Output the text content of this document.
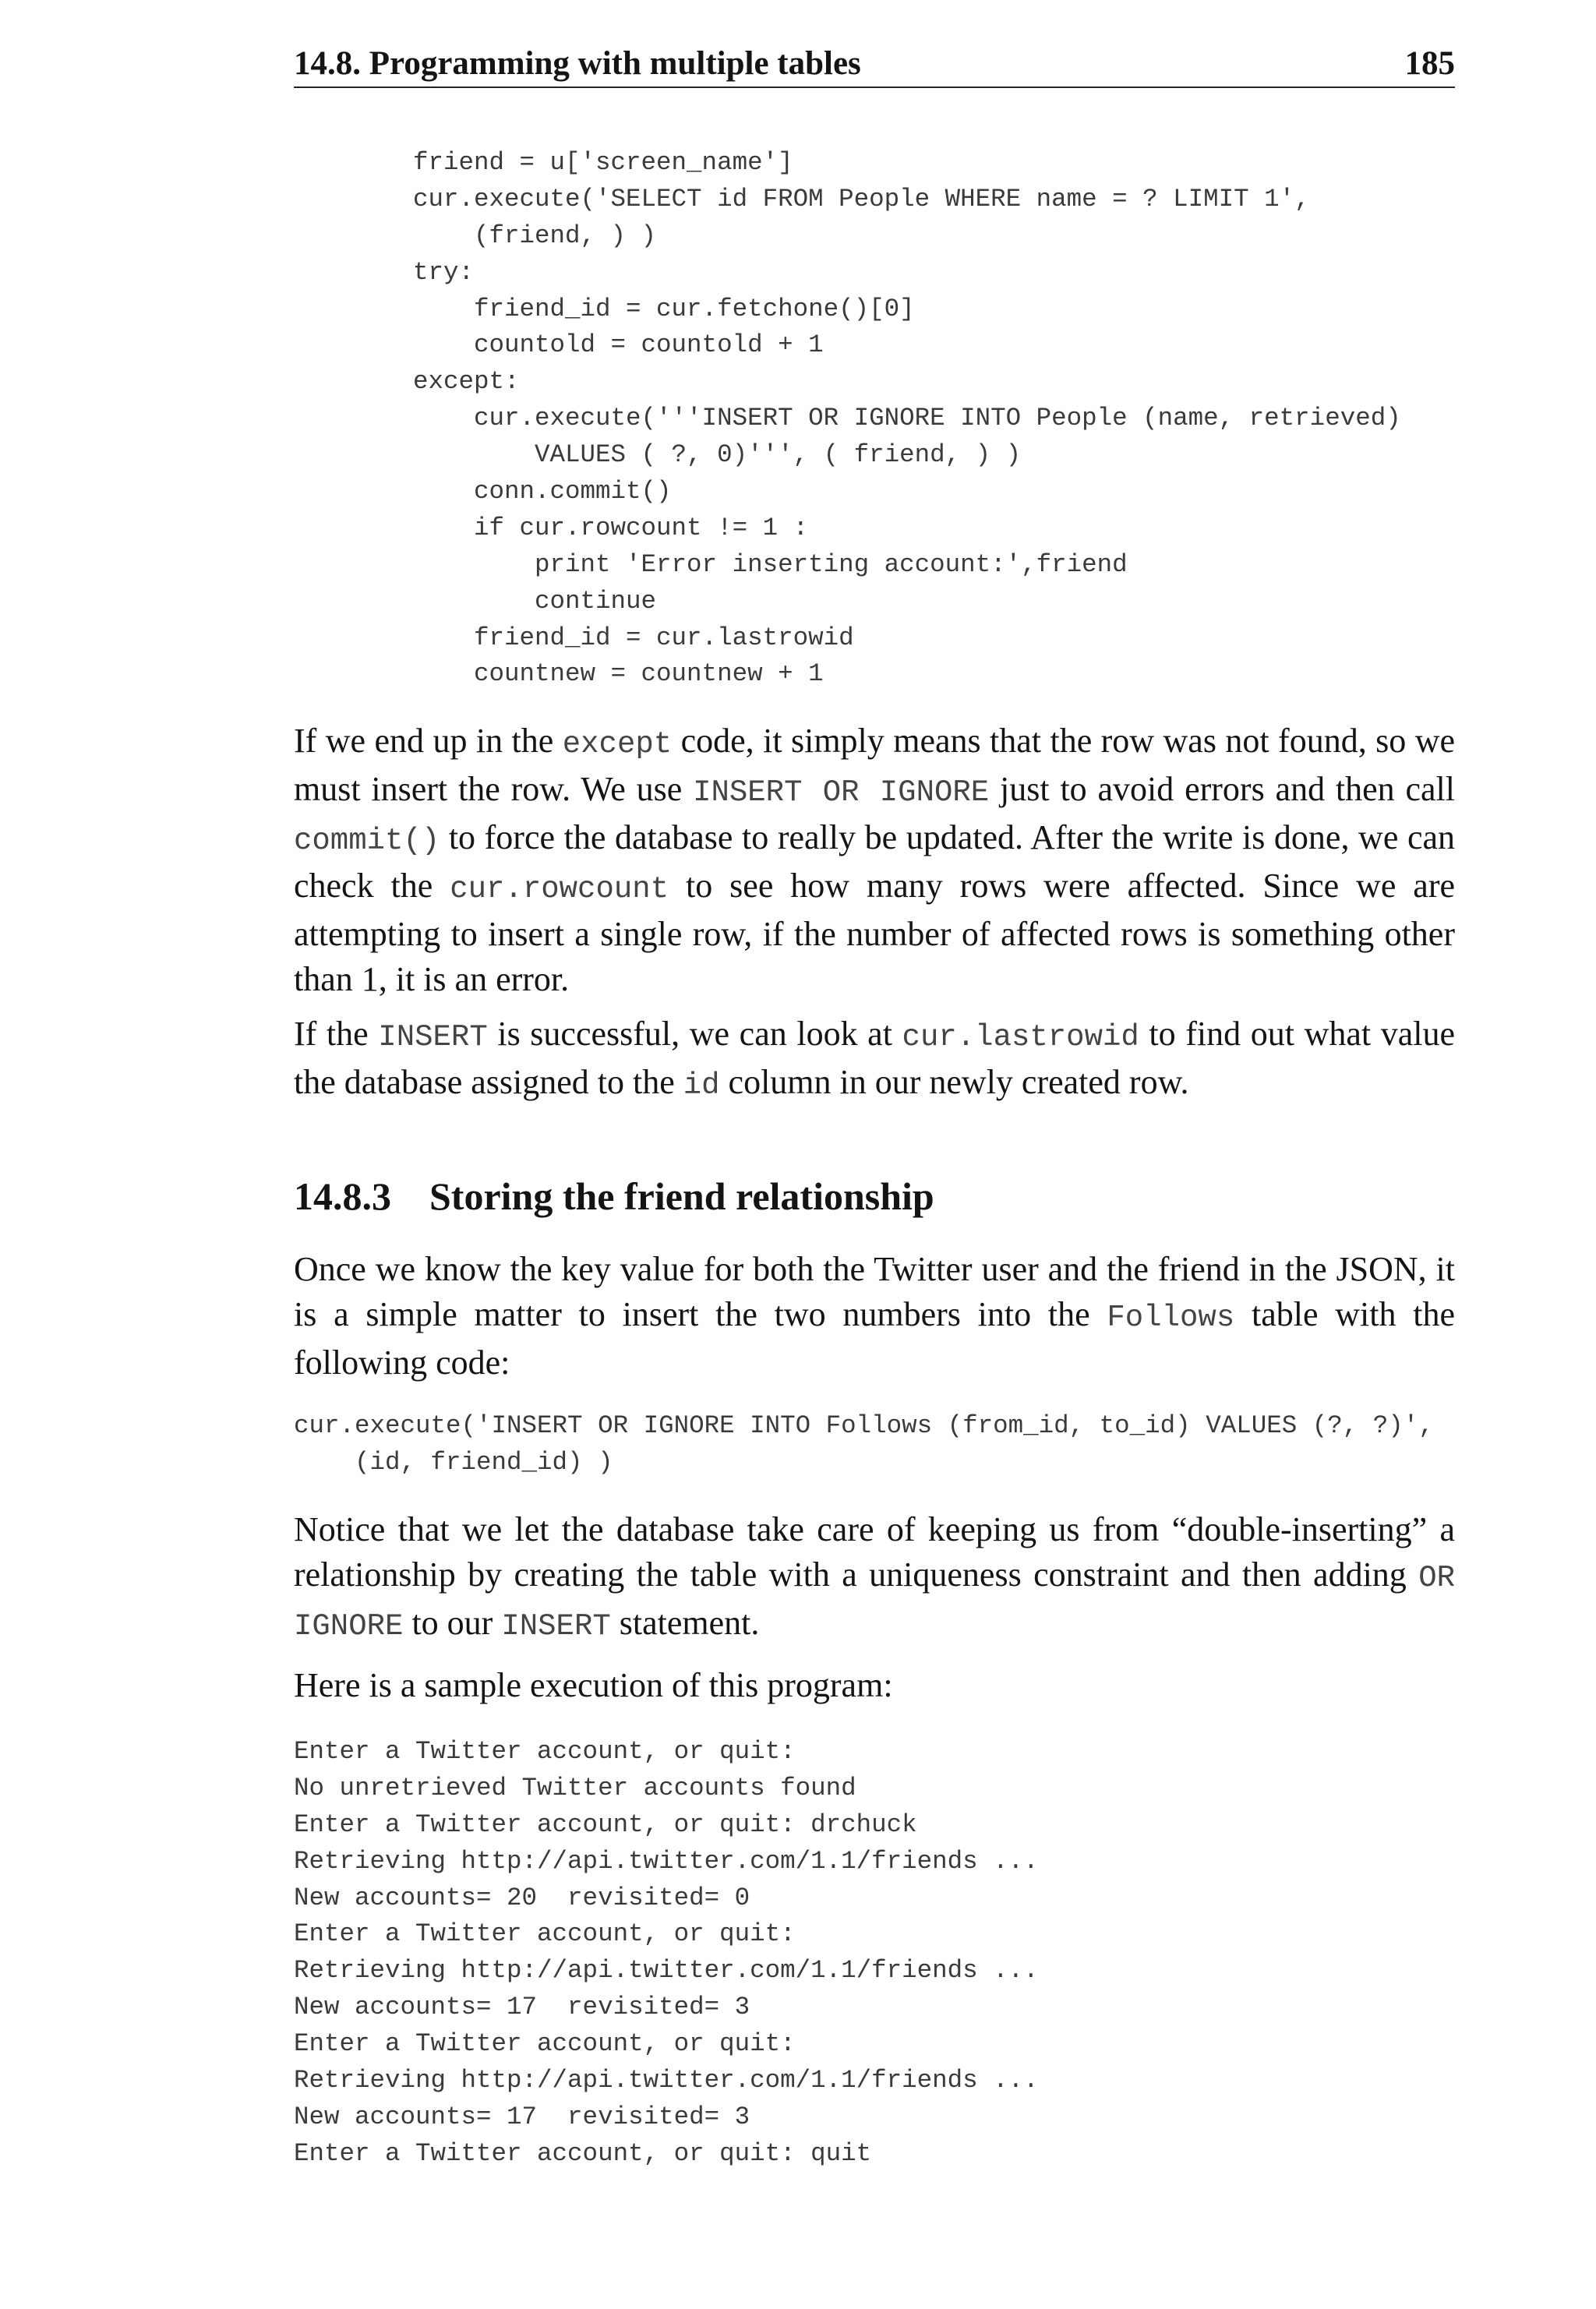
14.8. Programming with multiple tables	185
friend = u['screen_name']
cur.execute('SELECT id FROM People WHERE name = ? LIMIT 1',
(friend, ) )
try:
friend_id = cur.fetchone()[0]
countold = countold + 1
except:
cur.execute('''INSERT OR IGNORE INTO People (name, retrieved)
VALUES ( ?, 0)''', ( friend, ) )
conn.commit()
if cur.rowcount != 1 :
print 'Error inserting account:',friend
continue
friend_id = cur.lastrowid
countnew = countnew + 1

If we end up in the except code, it simply means that the row was not found, so we must insert the row. We use INSERT OR IGNORE just to avoid errors and then call commit() to force the database to really be updated. After the write is done, we can check the cur.rowcount to see how many rows were affected. Since we are attempting to insert a single row, if the number of affected rows is something other than 1, it is an error.

If the INSERT is successful, we can look at cur.lastrowid to find out what value the database assigned to the id column in our newly created row.

14.8.3 Storing the friend relationship

Once we know the key value for both the Twitter user and the friend in the JSON, it is a simple matter to insert the two numbers into the Follows table with the following code:

cur.execute('INSERT OR IGNORE INTO Follows (from_id, to_id) VALUES (?, ?)',
(id, friend_id) )

Notice that we let the database take care of keeping us from “double-inserting” a relationship by creating the table with a uniqueness constraint and then adding OR IGNORE to our INSERT statement.

Here is a sample execution of this program:

Enter a Twitter account, or quit:
No unretrieved Twitter accounts found
Enter a Twitter account, or quit: drchuck
Retrieving http://api.twitter.com/1.1/friends ...
New accounts= 20  revisited= 0
Enter a Twitter account, or quit:
Retrieving http://api.twitter.com/1.1/friends ...
New accounts= 17  revisited= 3
Enter a Twitter account, or quit:
Retrieving http://api.twitter.com/1.1/friends ...
New accounts= 17  revisited= 3
Enter a Twitter account, or quit: quit
